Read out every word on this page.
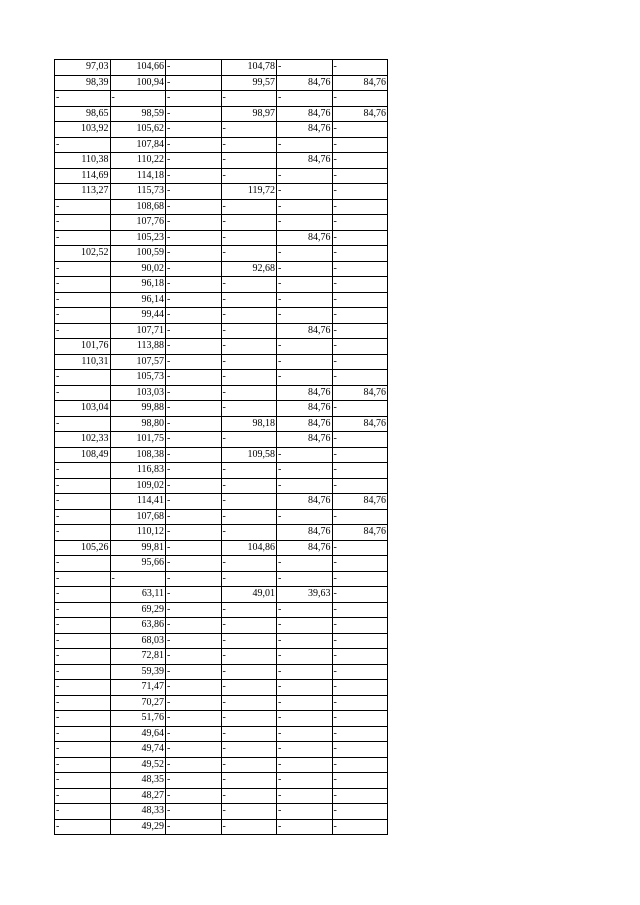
97,03	104,66	-	104,78	-	-
98,39	100,94	-	99,57	84,76	84,76
-	-	-	-	-	-
98,65	98,59	-	98,97	84,76	84,76
103,92	105,62	-	-	84,76	-
-	107,84	-	-	-	-
110,38	110,22	-	-	84,76	-
114,69	114,18	-	-	-	-
113,27	115,73	-	119,72	-	-
-	108,68	-	-	-	-
-	107,76	-	-	-	-
-	105,23	-	-	84,76	-
102,52	100,59	-	-	-	-
-	90,02	-	92,68	-	-
-	96,18	-	-	-	-
-	96,14	-	-	-	-
-	99,44	-	-	-	-
-	107,71	-	-	84,76	-
101,76	113,88	-	-	-	-
110,31	107,57	-	-	-	-
-	105,73	-	-	-	-
-	103,03	-	-	84,76	84,76
103,04	99,88	-	-	84,76	-
-	98,80	-	98,18	84,76	84,76
102,33	101,75	-	-	84,76	-
108,49	108,38	-	109,58	-	-
-	116,83	-	-	-	-
-	109,02	-	-	-	-
-	114,41	-	-	84,76	84,76
-	107,68	-	-	-	-
-	110,12	-	-	84,76	84,76
105,26	99,81	-	104,86	84,76	-
-	95,66	-	-	-	-
-	-	-	-	-	-
-	63,11	-	49,01	39,63	-
-	69,29	-	-	-	-
-	63,86	-	-	-	-
-	68,03	-	-	-	-
-	72,81	-	-	-	-
-	59,39	-	-	-	-
-	71,47	-	-	-	-
-	70,27	-	-	-	-
-	51,76	-	-	-	-
-	49,64	-	-	-	-
-	49,74	-	-	-	-
-	49,52	-	-	-	-
-	48,35	-	-	-	-
-	48,27	-	-	-	-
-	48,33	-	-	-	-
-	49,29	-	-	-	-
